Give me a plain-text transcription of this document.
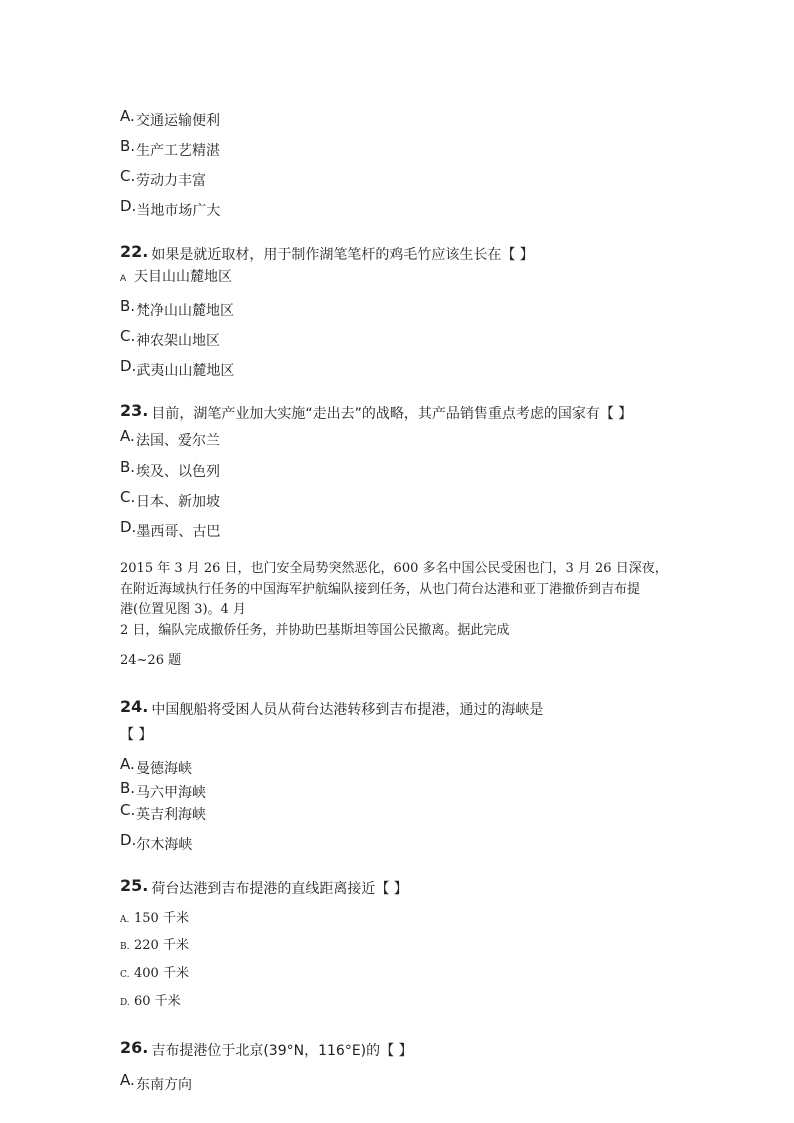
A.交通运输便利
B.生产工艺精湛
C.劳动力丰富
D.当地市场广大
22. 如果是就近取材，用于制作湖笔笔杆的鸡毛竹应该生长在【 】
A 天目山山麓地区
B.梵净山山麓地区
C.神农架山地区
D.武夷山山麓地区
23. 目前，湖笔产业加大实施“走出去”的战略，其产品销售重点考虑的国家有【 】
A.法国、爱尔兰
B.埃及、以色列
C.日本、新加坡
D.墨西哥、古巴
2015 年 3 月 26 日，也门安全局势突然恶化，600 多名中国公民受困也门，3 月 26 日深夜，
在附近海域执行任务的中国海军护航编队接到任务，从也门荷台达港和亚丁港撤侨到吉布提
港(位置见图 3)。4 月
2 日，编队完成撤侨任务，并协助巴基斯坦等国公民撤离。据此完成
24~26 题
24. 中国舰船将受困人员从荷台达港转移到吉布提港，通过的海峡是
【 】
A.曼德海峡
B.马六甲海峡
C.英吉利海峡
D.尔木海峡
25. 荷台达港到吉布提港的直线距离接近【 】
A. 150 千米
B. 220 千米
C. 400 千米
D. 60 千米
26. 吉布提港位于北京(39°N，116°E)的【 】
A.东南方向
